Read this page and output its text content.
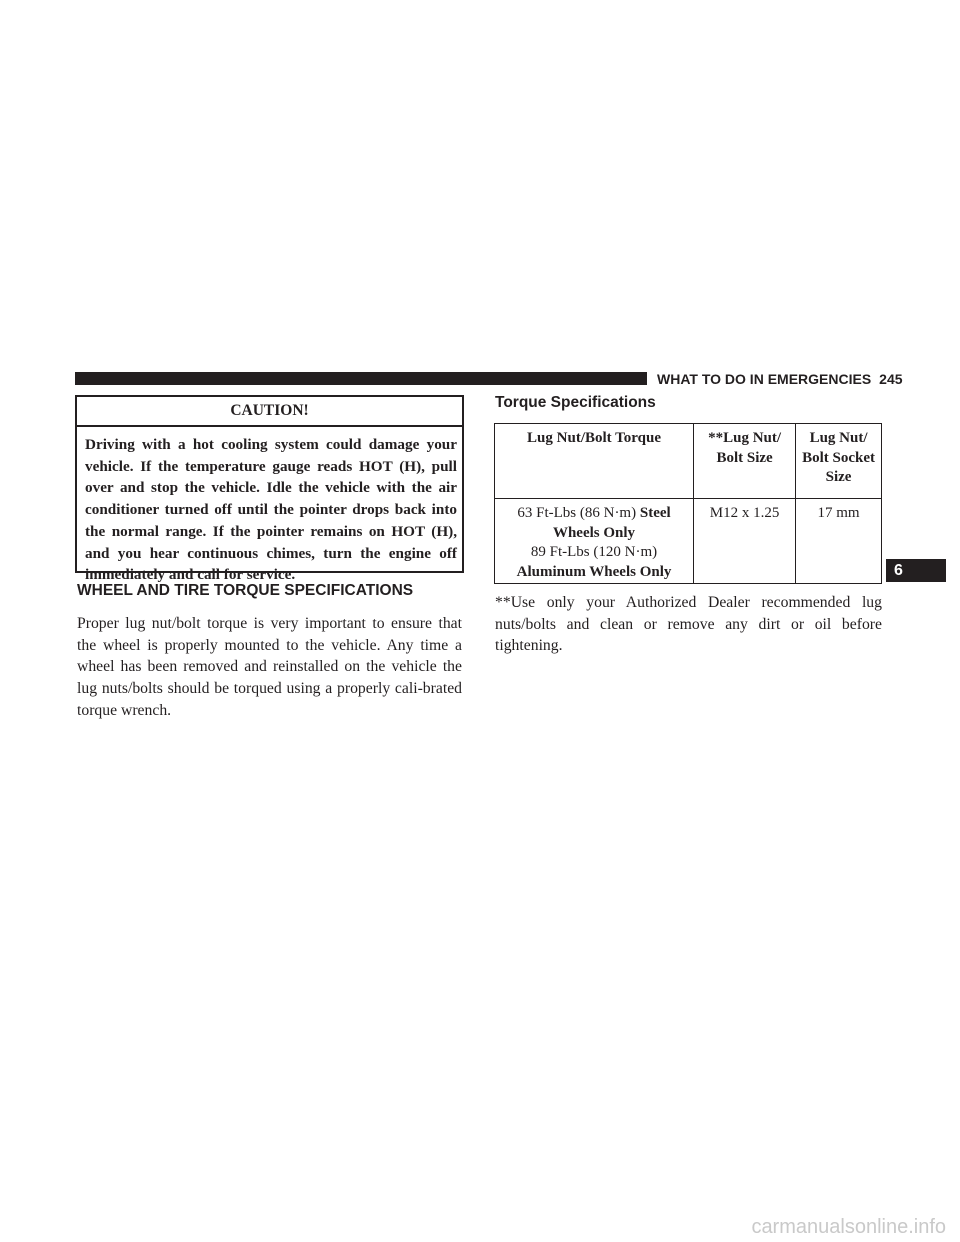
WHAT TO DO IN EMERGENCIES 245
CAUTION!
Driving with a hot cooling system could damage your vehicle. If the temperature gauge reads HOT (H), pull over and stop the vehicle. Idle the vehicle with the air conditioner turned off until the pointer drops back into the normal range. If the pointer remains on HOT (H), and you hear continuous chimes, turn the engine off immediately and call for service.
WHEEL AND TIRE TORQUE SPECIFICATIONS
Proper lug nut/bolt torque is very important to ensure that the wheel is properly mounted to the vehicle. Any time a wheel has been removed and reinstalled on the vehicle the lug nuts/bolts should be torqued using a properly cali-brated torque wrench.
Torque Specifications
Lug Nut/Bolt Torque	**Lug Nut/ Bolt Size	Lug Nut/ Bolt Socket Size
63 Ft-Lbs (86 N·m) Steel Wheels Only
89 Ft-Lbs (120 N·m)
Aluminum Wheels Only	M12 x 1.25	17 mm
**Use only your Authorized Dealer recommended lug nuts/bolts and clean or remove any dirt or oil before tightening.
6
carmanualsonline.info
